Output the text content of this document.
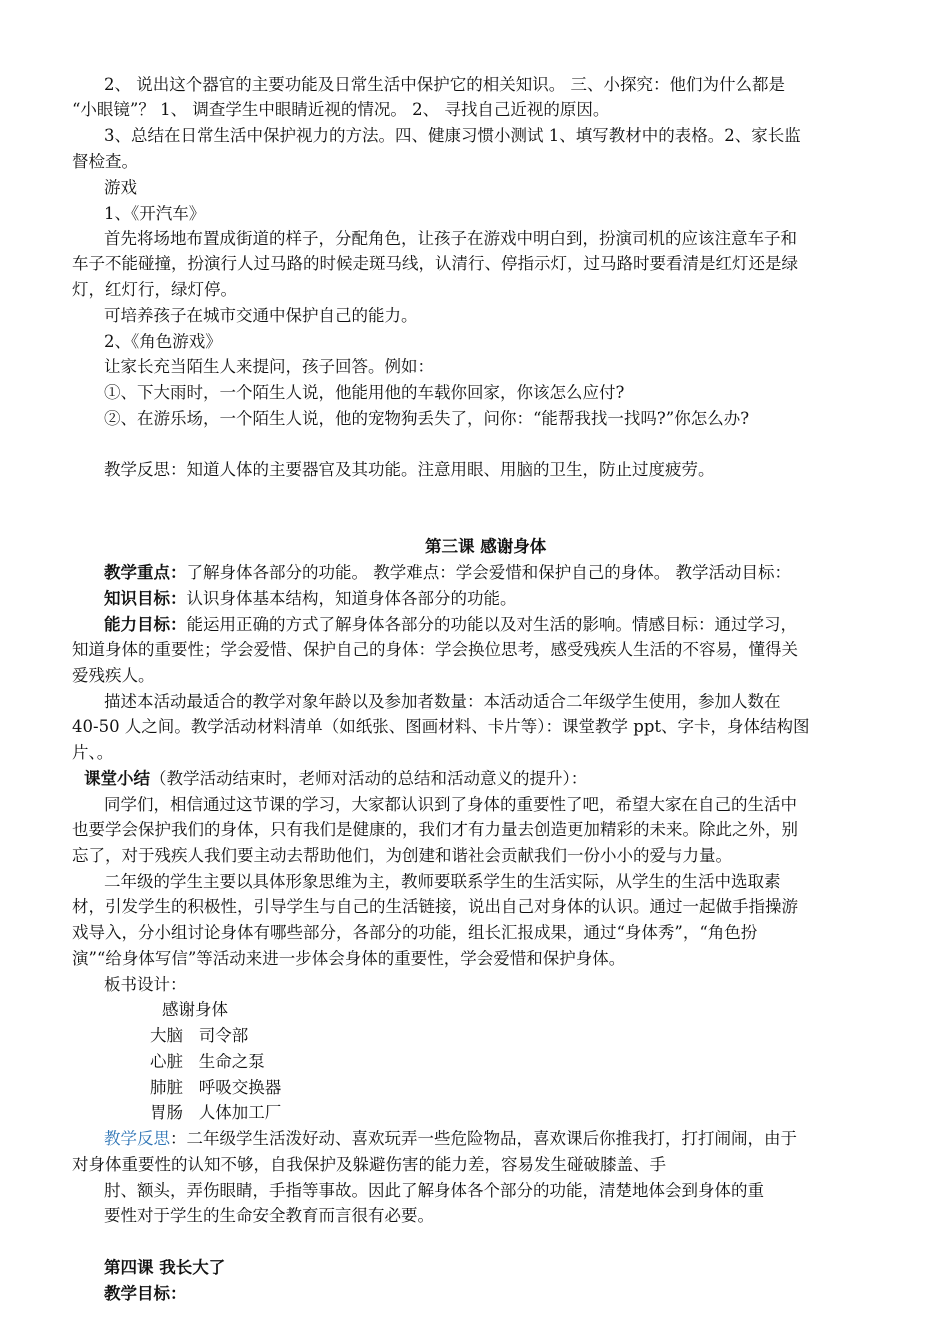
2、 说出这个器官的主要功能及日常生活中保护它的相关知识。 三、小探究：他们为什么都是
“小眼镜”？ 1、 调查学生中眼睛近视的情况。 2、 寻找自己近视的原因。
3、总结在日常生活中保护视力的方法。四、健康习惯小测试 1、填写教材中的表格。2、家长监
督检查。
游戏
1、《开汽车》
首先将场地布置成街道的样子，分配角色，让孩子在游戏中明白到，扮演司机的应该注意车子和
车子不能碰撞，扮演行人过马路的时候走斑马线，认清行、停指示灯，过马路时要看清是红灯还是绿
灯，红灯行，绿灯停。
可培养孩子在城市交通中保护自己的能力。
2、《角色游戏》
让家长充当陌生人来提问，孩子回答。例如：
①、下大雨时，一个陌生人说，他能用他的车载你回家，你该怎么应付?
②、在游乐场，一个陌生人说，他的宠物狗丢失了，问你：“能帮我找一找吗?”你怎么办?
教学反思：知道人体的主要器官及其功能。注意用眼、用脑的卫生，防止过度疲劳。
第三课 感谢身体
教学重点：了解身体各部分的功能。 教学难点：学会爱惜和保护自己的身体。 教学活动目标：
知识目标：认识身体基本结构，知道身体各部分的功能。
能力目标：能运用正确的方式了解身体各部分的功能以及对生活的影响。情感目标：通过学习，
知道身体的重要性；学会爱惜、保护自己的身体：学会换位思考，感受残疾人生活的不容易，懂得关
爱残疾人。
描述本活动最适合的教学对象年龄以及参加者数量：本活动适合二年级学生使用，参加人数在
40-50 人之间。教学活动材料清单（如纸张、图画材料、卡片等）：课堂教学 ppt、字卡，身体结构图
片、。
课堂小结（教学活动结束时，老师对活动的总结和活动意义的提升）：
同学们，相信通过这节课的学习，大家都认识到了身体的重要性了吧，希望大家在自己的生活中
也要学会保护我们的身体，只有我们是健康的，我们才有力量去创造更加精彩的未来。除此之外，别
忘了，对于残疾人我们要主动去帮助他们，为创建和谐社会贡献我们一份小小的爱与力量。
二年级的学生主要以具体形象思维为主，教师要联系学生的生活实际，从学生的生活中选取素
材，引发学生的积极性，引导学生与自己的生活链接，说出自己对身体的认识。通过一起做手指操游
戏导入，分小组讨论身体有哪些部分，各部分的功能，组长汇报成果，通过“身体秀”，“角色扮
演”“给身体写信”等活动来进一步体会身体的重要性，学会爱惜和保护身体。
板书设计：
感谢身体
大脑   司令部
心脏   生命之泵
肺脏   呼吸交换器
胃肠   人体加工厂
教学反思：二年级学生活泼好动、喜欢玩弄一些危险物品，喜欢课后你推我打，打打闹闹，由于
对身体重要性的认知不够，自我保护及躲避伤害的能力差，容易发生碰破膝盖、手
肘、额头，弄伤眼睛，手指等事故。因此了解身体各个部分的功能，清楚地体会到身体的重
要性对于学生的生命安全教育而言很有必要。
第四课 我长大了
教学目标：
